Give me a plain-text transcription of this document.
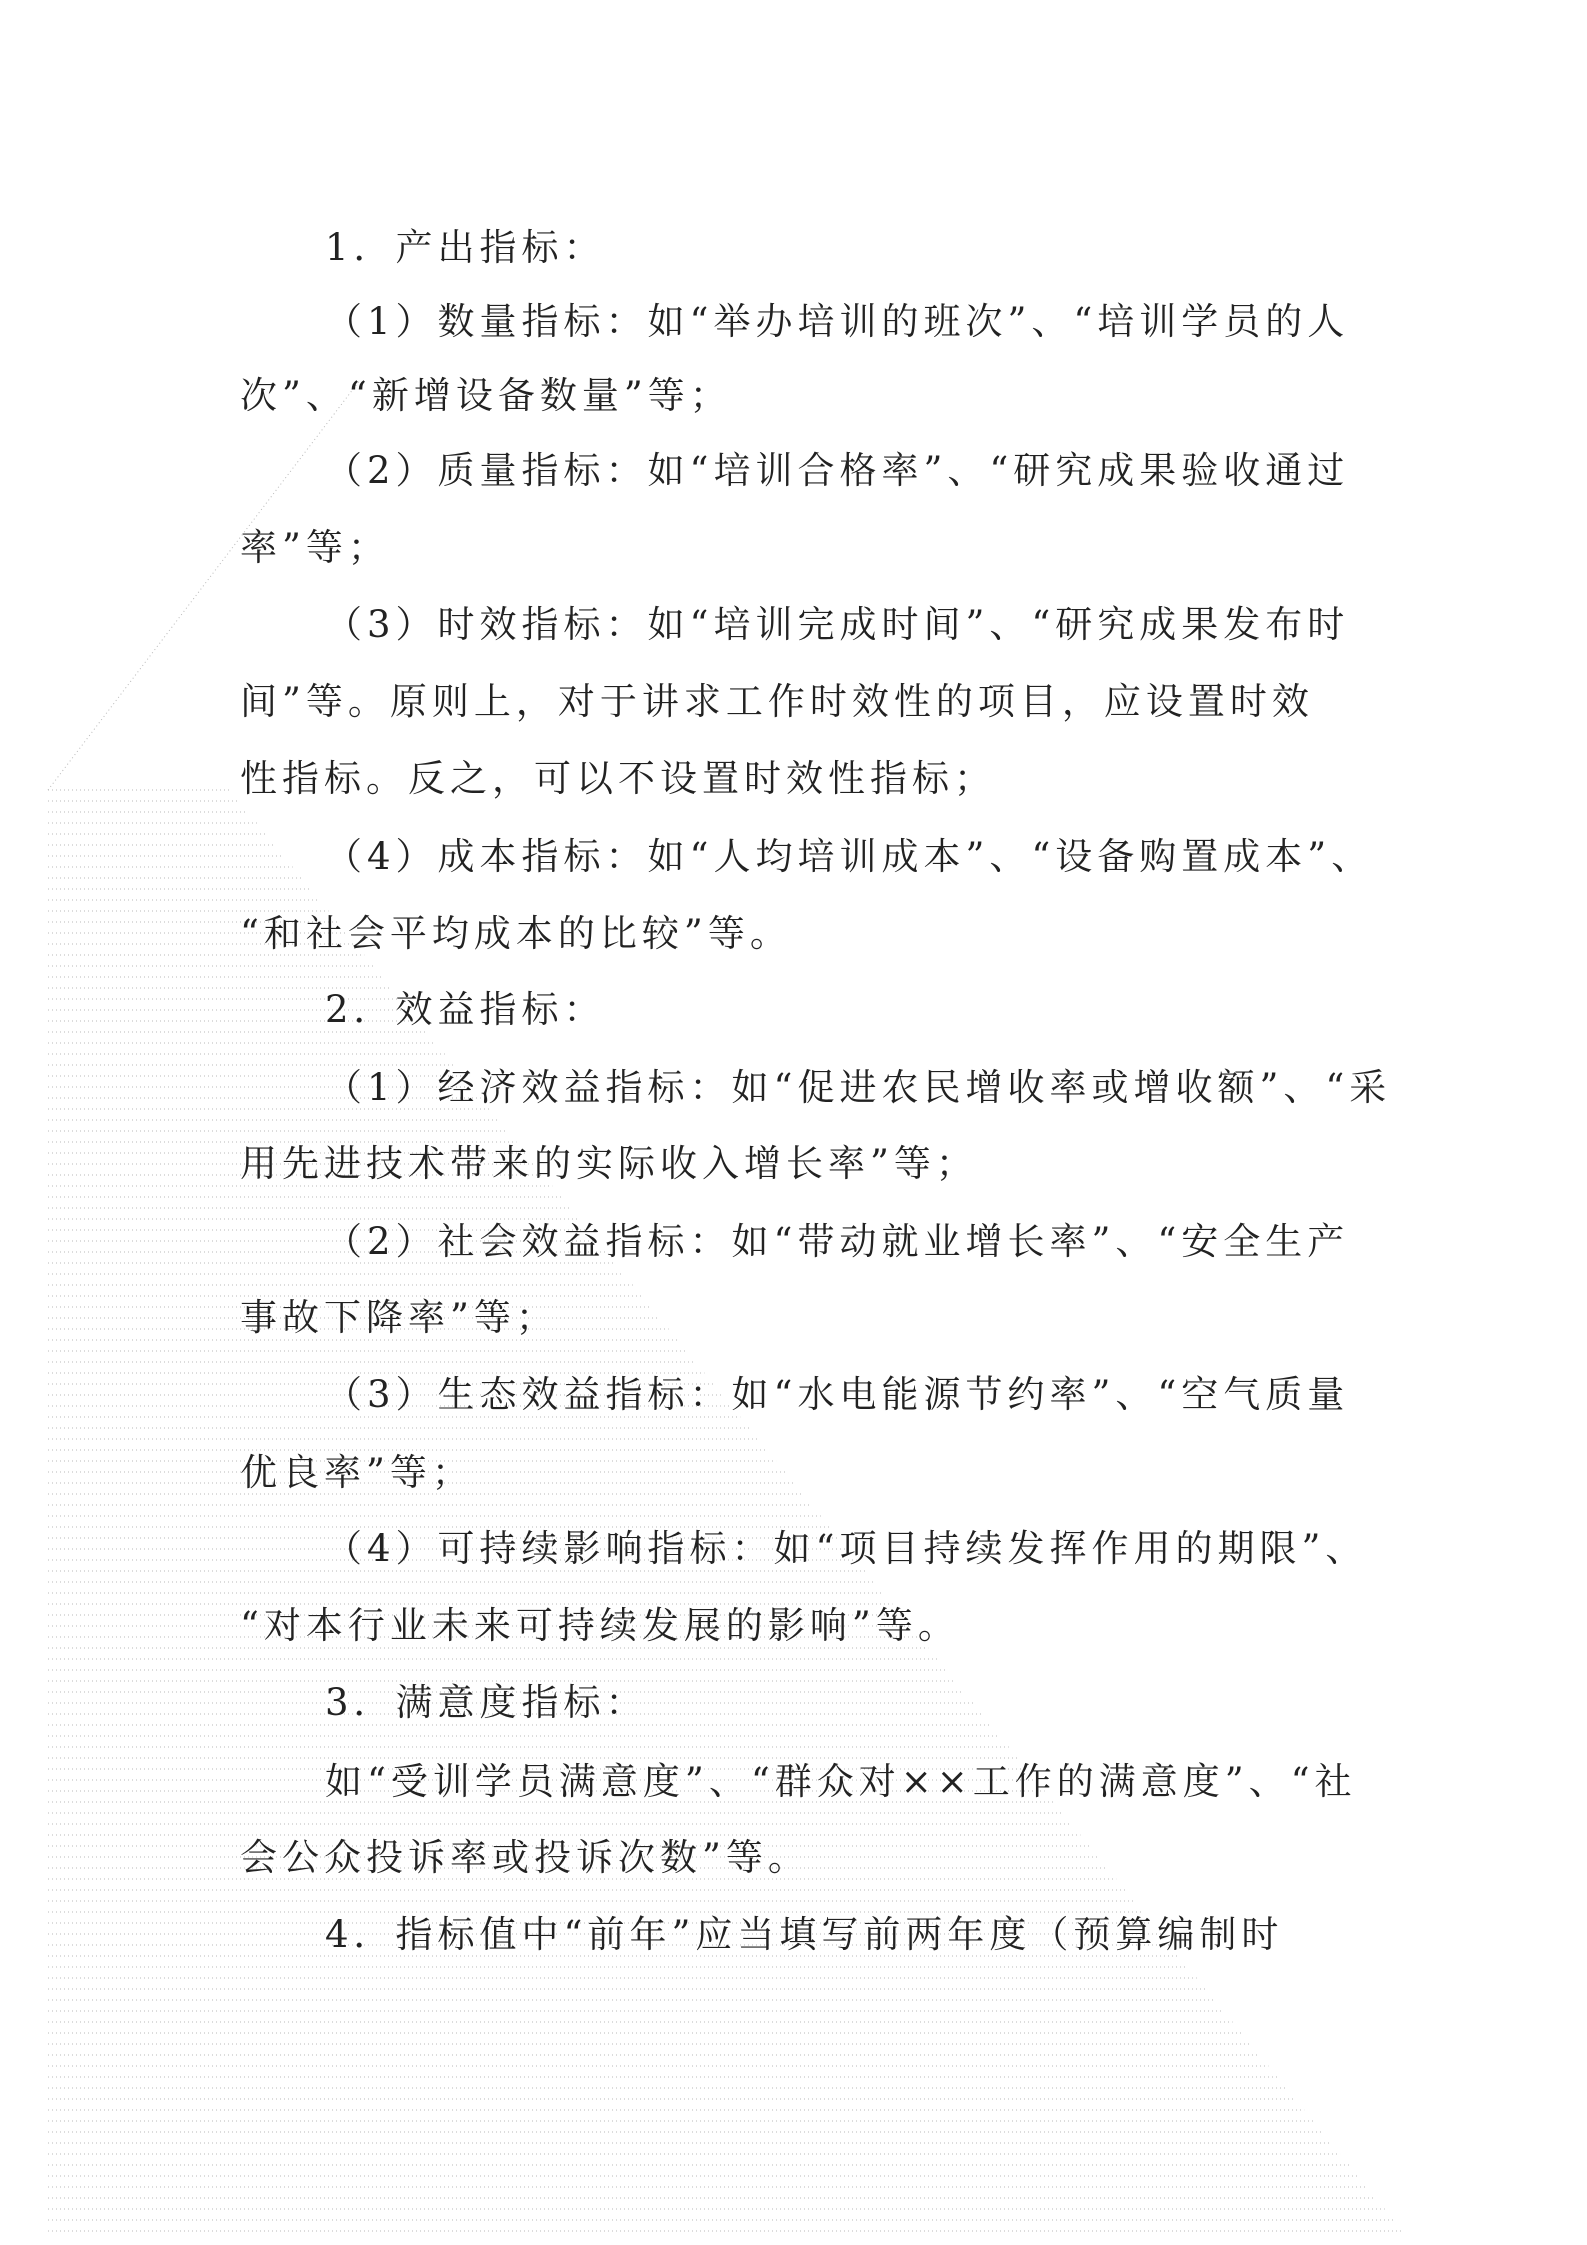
1．产出指标：
（1）数量指标：如“举办培训的班次”、“培训学员的人
次”、“新增设备数量”等；
（2）质量指标：如“培训合格率”、“研究成果验收通过
率”等；
（3）时效指标：如“培训完成时间”、“研究成果发布时
间”等。原则上，对于讲求工作时效性的项目，应设置时效
性指标。反之，可以不设置时效性指标；
（4）成本指标：如“人均培训成本”、“设备购置成本”、
“和社会平均成本的比较”等。
2．效益指标：
（1）经济效益指标：如“促进农民增收率或增收额”、“采
用先进技术带来的实际收入增长率”等；
（2）社会效益指标：如“带动就业增长率”、“安全生产
事故下降率”等；
（3）生态效益指标：如“水电能源节约率”、“空气质量
优良率”等；
（4）可持续影响指标：如“项目持续发挥作用的期限”、
“对本行业未来可持续发展的影响”等。
3．满意度指标：
如“受训学员满意度”、“群众对××工作的满意度”、“社
会公众投诉率或投诉次数”等。
4．指标值中“前年”应当填写前两年度（预算编制时
